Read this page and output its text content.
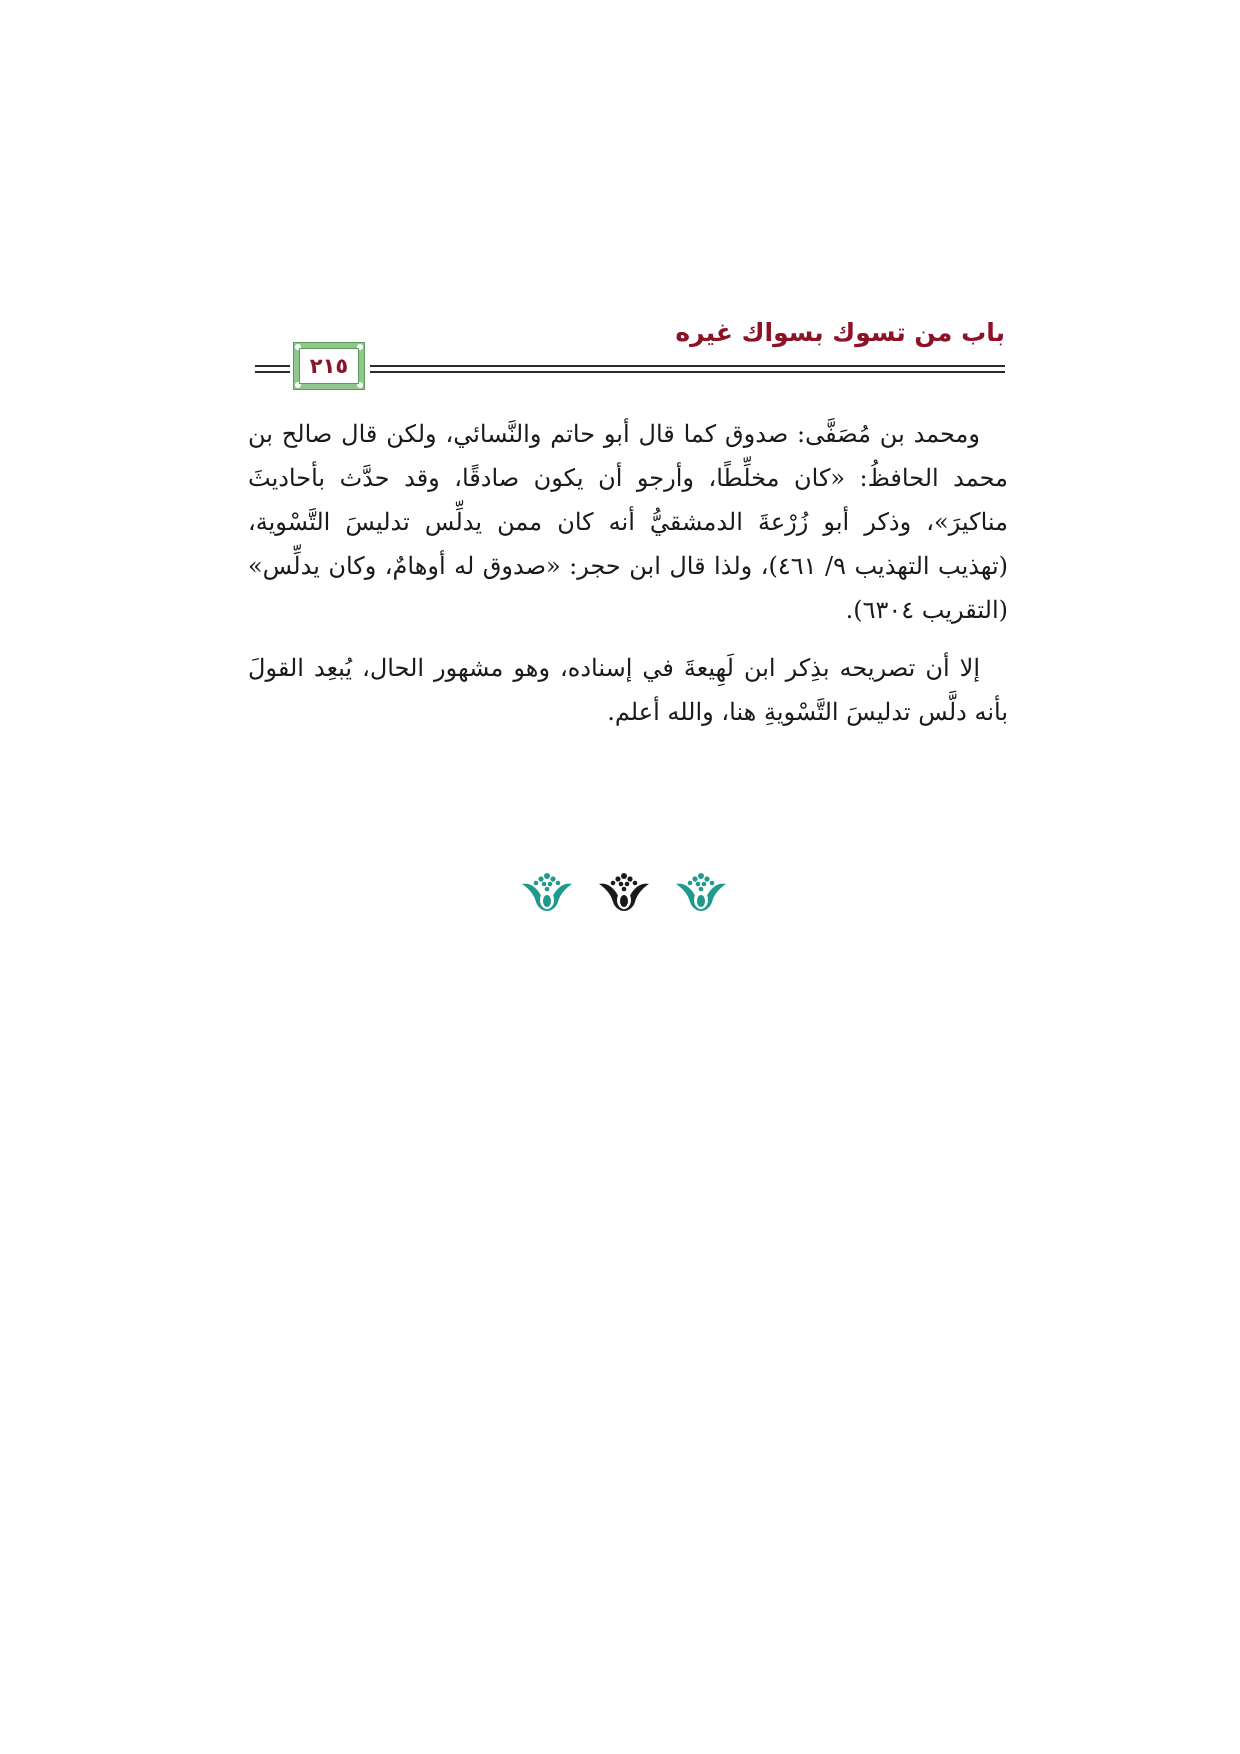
باب من تسوك بسواك غيره
٢١٥

ومحمد بن مُصَفَّى: صدوق كما قال أبو حاتم والنَّسائي، ولكن قال صالح بن محمد الحافظُ: «كان مخلِّطًا، وأرجو أن يكون صادقًا، وقد حدَّث بأحاديثَ مناكيرَ»، وذكر أبو زُرْعةَ الدمشقيُّ أنه كان ممن يدلِّس تدليسَ التَّسْوية، (تهذيب التهذيب ٩/ ٤٦١)، ولذا قال ابن حجر: «صدوق له أوهامٌ، وكان يدلِّس» (التقريب ٦٣٠٤).

إلا أن تصريحه بذِكر ابن لَهِيعةَ في إسناده، وهو مشهور الحال، يُبعِد القولَ بأنه دلَّس تدليسَ التَّسْويةِ هنا، والله أعلم.
